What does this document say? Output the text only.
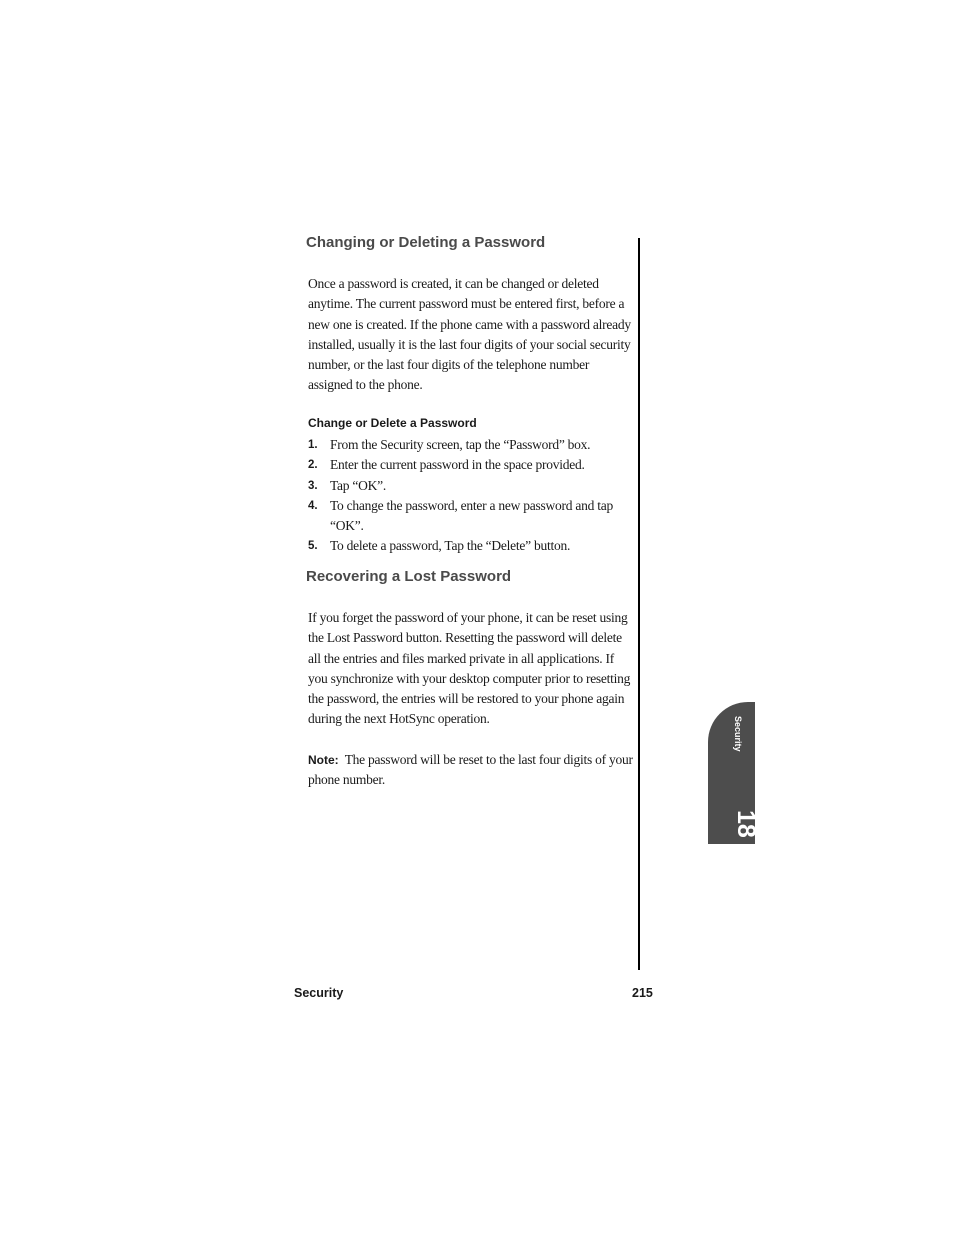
Changing or Deleting a Password

Once a password is created, it can be changed or deleted anytime. The current password must be entered first, before a new one is created. If the phone came with a password already installed, usually it is the last four digits of your social security number, or the last four digits of the telephone number assigned to the phone.

Change or Delete a Password
1. From the Security screen, tap the “Password” box.
2. Enter the current password in the space provided.
3. Tap “OK”.
4. To change the password, enter a new password and tap “OK”.
5. To delete a password, Tap the “Delete” button.
Recovering a Lost Password

If you forget the password of your phone, it can be reset using the Lost Password button. Resetting the password will delete all the entries and files marked private in all applications. If you synchronize with your desktop computer prior to resetting the password, the entries will be restored to your phone again during the next HotSync operation.

Note: The password will be reset to the last four digits of your phone number.

Security
18
Security	215
